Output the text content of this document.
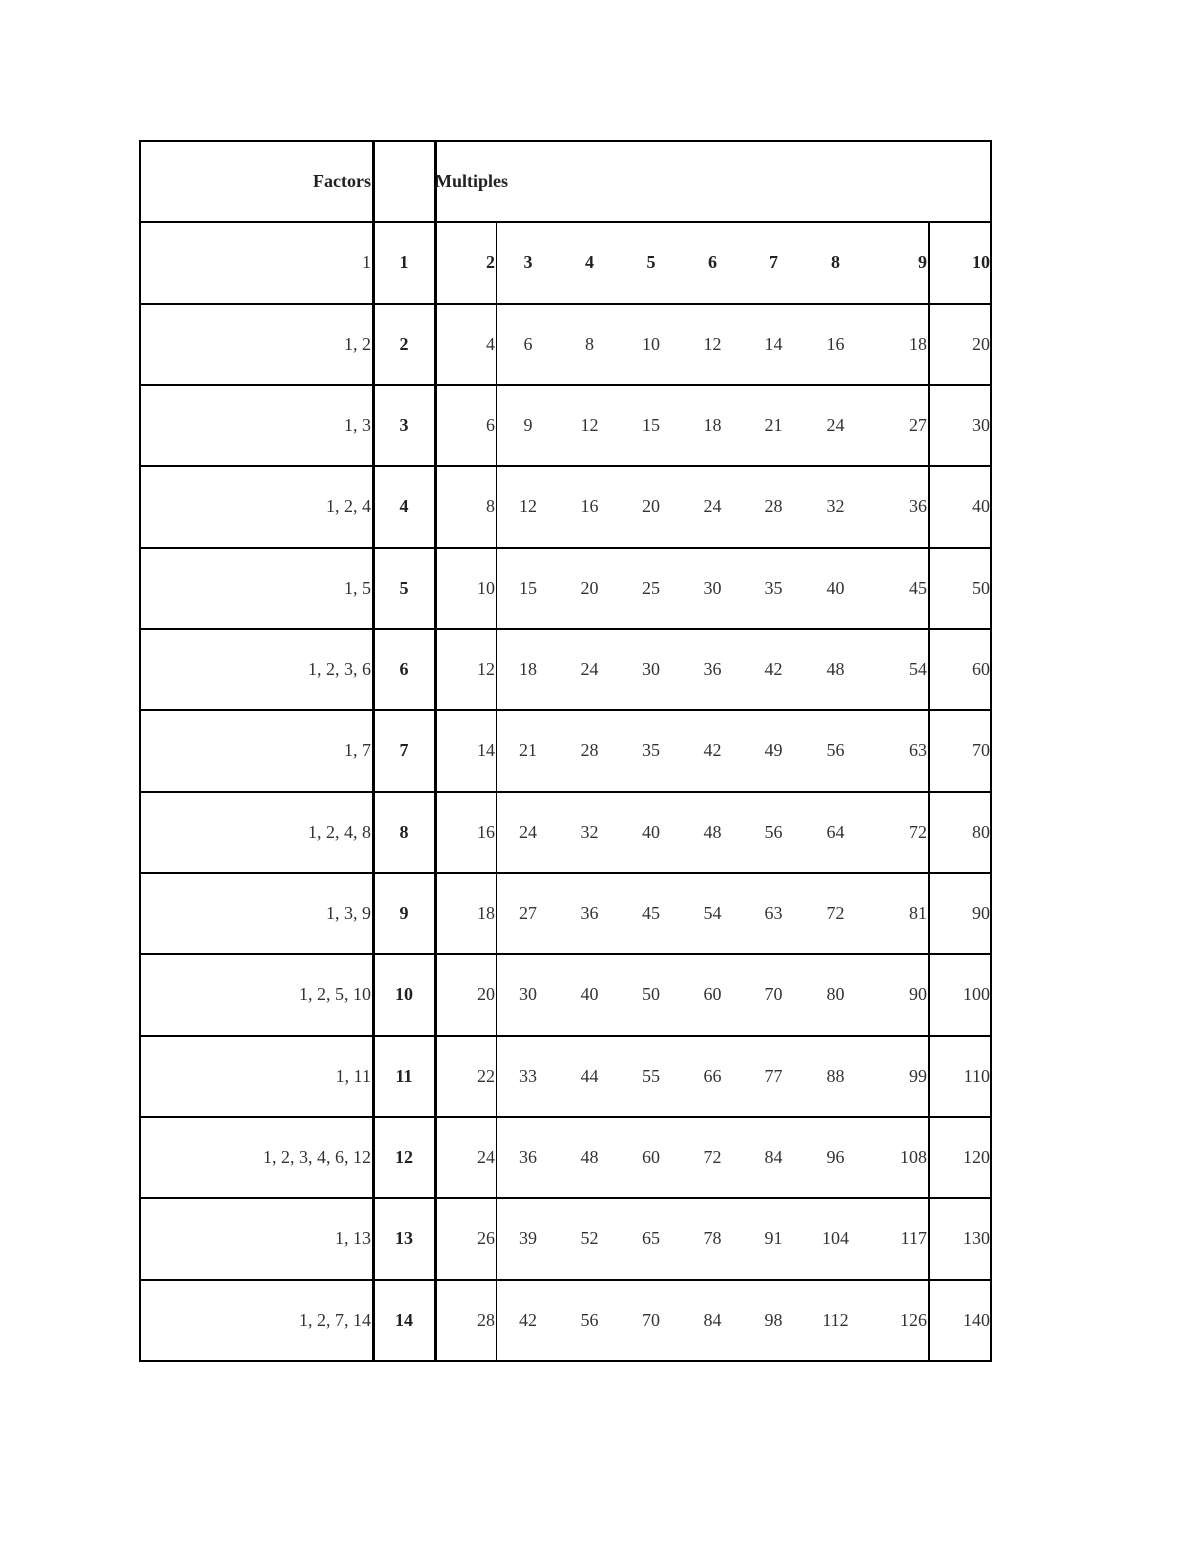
Factors	Multiples
1	1	2	3	4	5	6	7	8	9	10
1, 2	2	4	6	8	10	12	14	16	18	20
1, 3	3	6	9	12	15	18	21	24	27	30
1, 2, 4	4	8	12	16	20	24	28	32	36	40
1, 5	5	10	15	20	25	30	35	40	45	50
1, 2, 3, 6	6	12	18	24	30	36	42	48	54	60
1, 7	7	14	21	28	35	42	49	56	63	70
1, 2, 4, 8	8	16	24	32	40	48	56	64	72	80
1, 3, 9	9	18	27	36	45	54	63	72	81	90
1, 2, 5, 10	10	20	30	40	50	60	70	80	90	100
1, 11	11	22	33	44	55	66	77	88	99	110
1, 2, 3, 4, 6, 12	12	24	36	48	60	72	84	96	108	120
1, 13	13	26	39	52	65	78	91	104	117	130
1, 2, 7, 14	14	28	42	56	70	84	98	112	126	140
